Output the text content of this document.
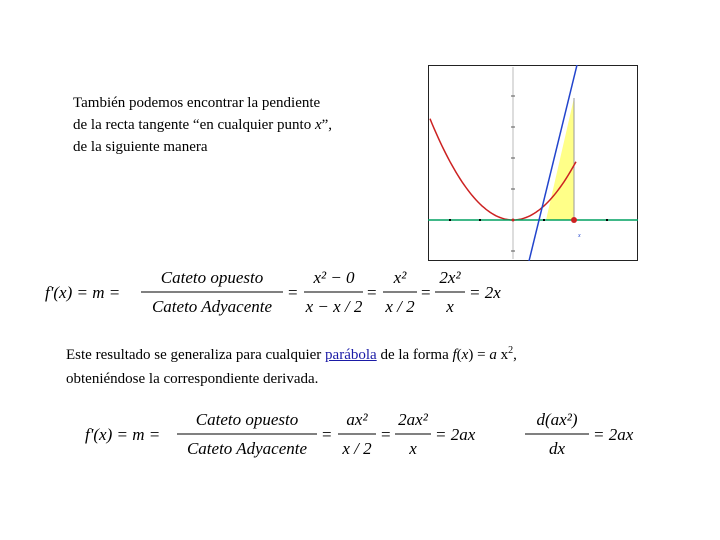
También podemos encontrar la pendiente
de la recta tangente “en cualquier punto x”,
de la siguiente manera
x
f'(x) = m =
Cateto opuesto
Cateto Adyacente
=
x² − 0
x − x / 2
=
x²
x / 2
=
2x²
x
= 2x
Este resultado se generaliza para cualquier parábola de la forma f(x) = a $x^2$,
obteniéndose la correspondiente derivada.
f'(x) = m =
Cateto opuesto
Cateto Adyacente
=
ax²
x / 2
=
2ax²
x
= 2ax
d(ax²)
dx
= 2ax
